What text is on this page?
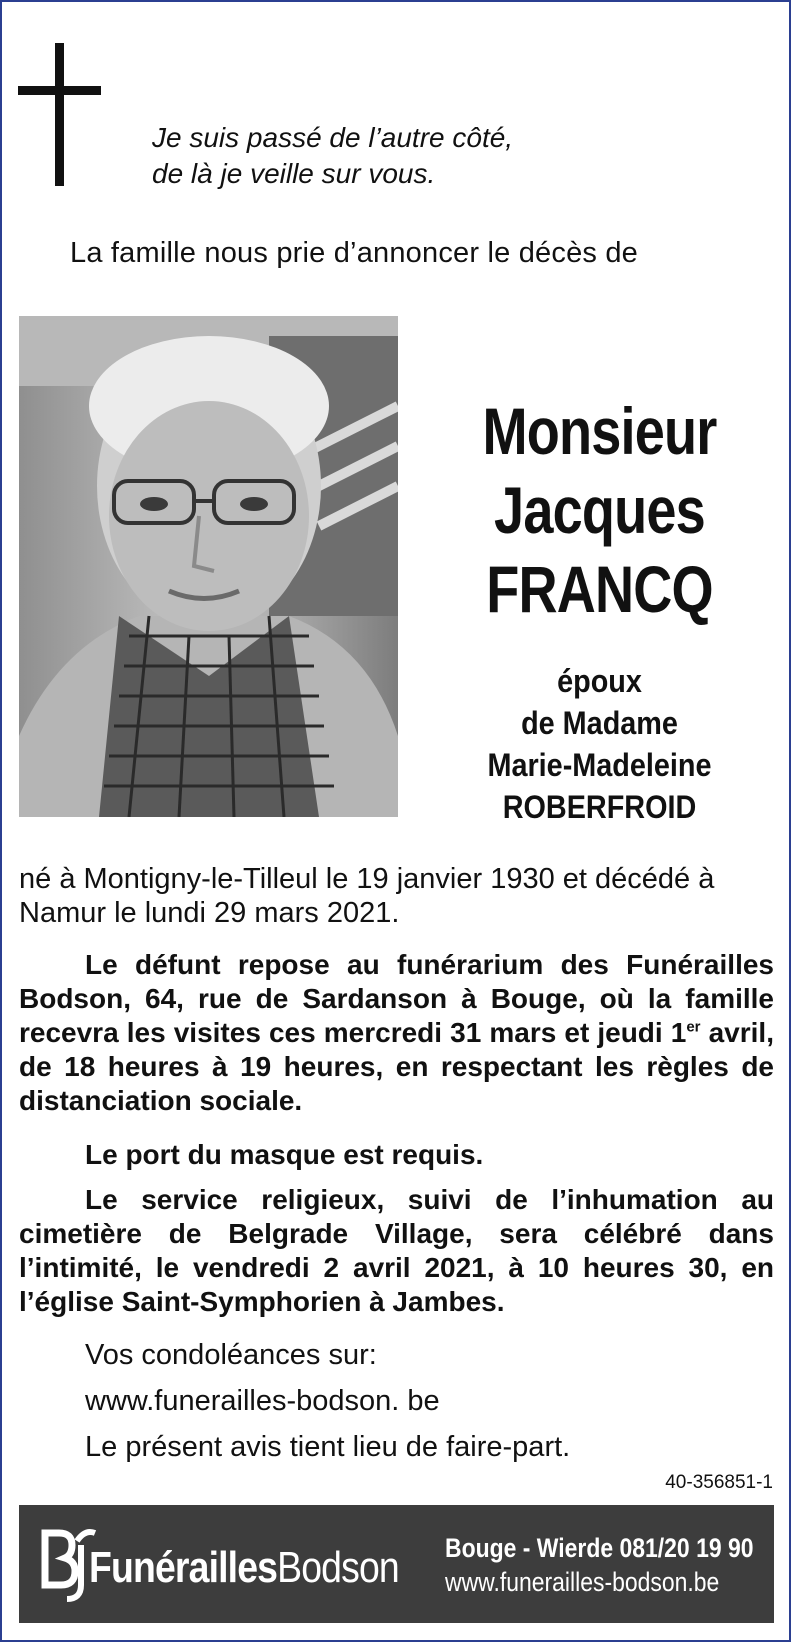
Je suis passé de l’autre côté,
de là je veille sur vous.
La famille nous prie d’annoncer le décès de
Monsieur
Jacques
FRANCQ
époux
de Madame
Marie-Madeleine
ROBERFROID
né à Montigny-le-Tilleul le 19 janvier 1930 et décédé à Namur le lundi 29 mars 2021.
Le défunt repose au funérarium des Funérailles Bodson, 64, rue de Sardanson à Bouge, où la famille recevra les visites ces mercredi 31 mars et jeudi 1er avril, de 18 heures à 19 heures, en respectant les règles de distanciation sociale.
Le port du masque est requis.
Le service religieux, suivi de l’inhumation au cimetière de Belgrade Village, sera célébré dans l’intimité, le vendredi 2 avril 2021, à 10 heures 30, en l’église Saint-Symphorien à Jambes.
Vos condoléances sur:
www.funerailles-bodson. be
Le présent avis tient lieu de faire-part.
40-356851-1
FunéraillesBodson Bouge - Wierde 081/20 19 90
www.funerailles-bodson.be
